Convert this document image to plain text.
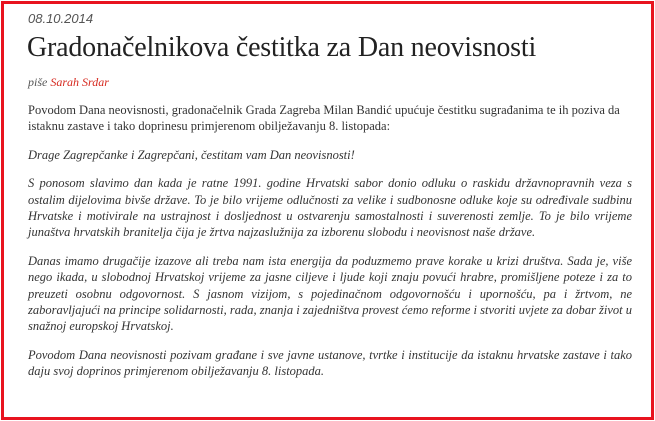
08.10.2014
Gradonačelnikova čestitka za Dan neovisnosti
piše Sarah Srdar

Povodom Dana neovisnosti, gradonačelnik Grada Zagreba Milan Bandić upućuje čestitku sugrađanima te ih poziva da istaknu zastave i tako doprinesu primjerenom obilježavanju 8. listopada:

Drage Zagrepčanke i Zagrepčani, čestitam vam Dan neovisnosti!

S ponosom slavimo dan kada je ratne 1991. godine Hrvatski sabor donio odluku o raskidu državnopravnih veza s ostalim dijelovima bivše države. To je bilo vrijeme odlučnosti za velike i sudbonosne odluke koje su određivale sudbinu Hrvatske i motivirale na ustrajnost i dosljednost u ostvarenju samostalnosti i suverenosti zemlje. To je bilo vrijeme junaštva hrvatskih branitelja čija je žrtva najzaslužnija za izborenu slobodu i neovisnost naše države.

Danas imamo drugačije izazove ali treba nam ista energija da poduzmemo prave korake u krizi društva. Sada je, više nego ikada, u slobodnoj Hrvatskoj vrijeme za jasne ciljeve i ljude koji znaju povući hrabre, promišljene poteze i za to preuzeti osobnu odgovornost. S jasnom vizijom, s pojedinačnom odgovornošću i upornošću, pa i žrtvom, ne zaboravljajući na principe solidarnosti, rada, znanja i zajedništva provest ćemo reforme i stvoriti uvjete za dobar život u snažnoj europskoj Hrvatskoj.

Povodom Dana neovisnosti pozivam građane i sve javne ustanove, tvrtke i institucije da istaknu hrvatske zastave i tako daju svoj doprinos primjerenom obilježavanju 8. listopada.
